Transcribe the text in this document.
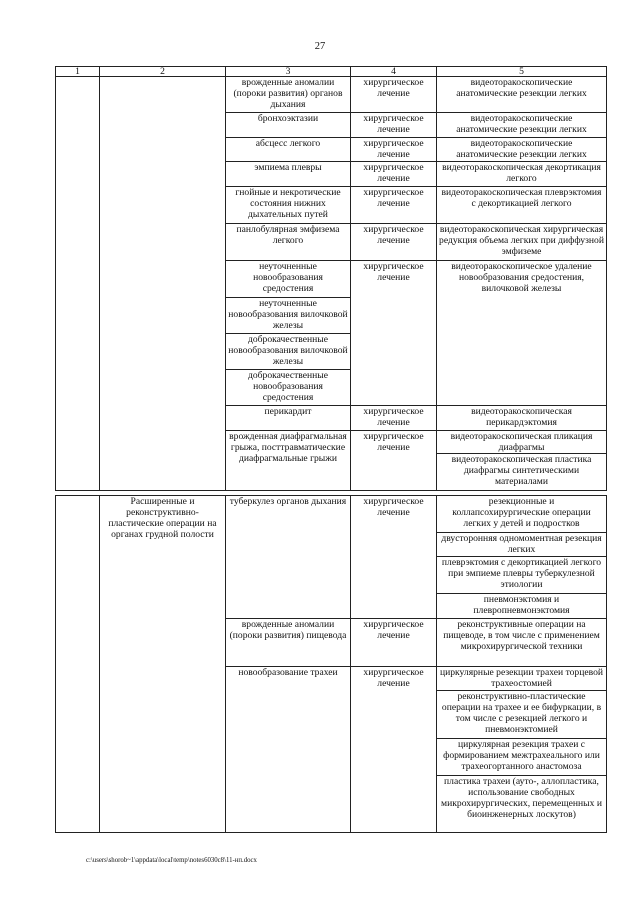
27
1	2	3	4	5
		врожденные аномалии (пороки развития) органов дыхания	хирургическое лечение	видеоторакоскопические анатомические резекции легких
		бронхоэктазии	хирургическое лечение	видеоторакоскопические анатомические резекции легких
		абсцесс легкого	хирургическое лечение	видеоторакоскопические анатомические резекции легких
		эмпиема плевры	хирургическое лечение	видеоторакоскопическая декортикация легкого
		гнойные и некротические состояния нижних дыхательных путей	хирургическое лечение	видеоторакоскопическая плеврэктомия с декортикацией легкого
		панлобулярная эмфизема легкого	хирургическое лечение	видеоторакоскопическая хирургическая редукция объема легких при диффузной эмфиземе
		неуточненные новообразования средостения	хирургическое лечение	видеоторакоскопическое удаление новообразования средостения, вилочковой железы
		неуточненные новообразования вилочковой железы		
		доброкачественные новообразования вилочковой железы		
		доброкачественные новообразования средостения		
		перикардит	хирургическое лечение	видеоторакоскопическая перикардэктомия
		врожденная диафрагмальная грыжа, посттравматические диафрагмальные грыжи	хирургическое лечение	видеоторакоскопическая пликация диафрагмы
				видеоторакоскопическая пластика диафрагмы синтетическими материалами
	Расширенные и реконструктивно-пластические операции на органах грудной полости	туберкулез органов дыхания	хирургическое лечение	резекционные и коллапсохирургические операции легких у детей и подростков
				двусторонняя одномоментная резекция легких
				плеврэктомия с декортикацией легкого при эмпиеме плевры туберкулезной этиологии
				пневмонэктомия и плевропневмонэктомия
		врожденные аномалии (пороки развития) пищевода	хирургическое лечение	реконструктивные операции на пищеводе, в том числе с применением микрохирургической техники
		новообразование трахеи	хирургическое лечение	циркулярные резекции трахеи торцевой трахеостомией
				реконструктивно-пластические операции на трахее и ее бифуркации, в том числе с резекцией легкого и пневмонэктомией
				циркулярная резекция трахеи с формированием межтрахеального или трахеогортанного анастомоза
				пластика трахеи (ауто-, аллопластика, использование свободных микрохирургических, перемещенных и биоинженерных лоскутов)
c:\users\shorob~1\appdata\local\temp\notes6030c8\11-нп.docx
